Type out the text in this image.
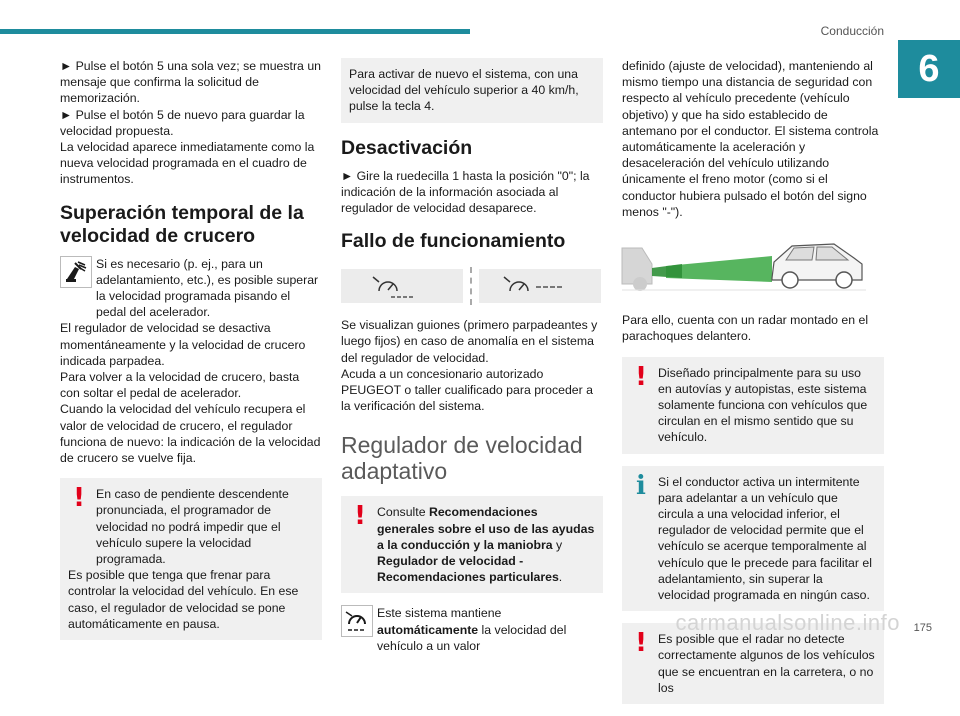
Conducción
6

► Pulse el botón 5 una sola vez; se muestra un mensaje que confirma la solicitud de memorización.

► Pulse el botón 5 de nuevo para guardar la velocidad propuesta.

La velocidad aparece inmediatamente como la nueva velocidad programada en el cuadro de instrumentos.

Superación temporal de la velocidad de crucero

Si es necesario (p. ej., para un adelantamiento, etc.), es posible superar la velocidad programada pisando el pedal del acelerador.

El regulador de velocidad se desactiva momentáneamente y la velocidad de crucero indicada parpadea.

Para volver a la velocidad de crucero, basta con soltar el pedal de acelerador.

Cuando la velocidad del vehículo recupera el valor de velocidad de crucero, el regulador funciona de nuevo: la indicación de la velocidad de crucero se vuelve fija.

! En caso de pendiente descendente pronunciada, el programador de velocidad no podrá impedir que el vehículo supere la velocidad programada.

Es posible que tenga que frenar para controlar la velocidad del vehículo. En ese caso, el regulador de velocidad se pone automáticamente en pausa.

Para activar de nuevo el sistema, con una velocidad del vehículo superior a 40 km/h, pulse la tecla 4.

Desactivación

► Gire la ruedecilla 1 hasta la posición "0"; la indicación de la información asociada al regulador de velocidad desaparece.

Fallo de funcionamiento

Se visualizan guiones (primero parpadeantes y luego fijos) en caso de anomalía en el sistema del regulador de velocidad.

Acuda a un concesionario autorizado PEUGEOT o taller cualificado para proceder a la verificación del sistema.

Regulador de velocidad adaptativo
! Consulte Recomendaciones generales sobre el uso de las ayudas a la conducción y la maniobra y Regulador de velocidad - Recomendaciones particulares.

Este sistema mantiene automáticamente la velocidad del vehículo a un valor

definido (ajuste de velocidad), manteniendo al mismo tiempo una distancia de seguridad con respecto al vehículo precedente (vehículo objetivo) y que ha sido establecido de antemano por el conductor. El sistema controla automáticamente la aceleración y desaceleración del vehículo utilizando únicamente el freno motor (como si el conductor hubiera pulsado el botón del signo menos "-").

Para ello, cuenta con un radar montado en el parachoques delantero.

! Diseñado principalmente para su uso en autovías y autopistas, este sistema solamente funciona con vehículos que circulan en el mismo sentido que su vehículo.

i Si el conductor activa un intermitente para adelantar a un vehículo que circula a una velocidad inferior, el regulador de velocidad permite que el vehículo se acerque temporalmente al vehículo que le precede para facilitar el adelantamiento, sin superar la velocidad programada en ningún caso.

! Es posible que el radar no detecte correctamente algunos de los vehículos que se encuentran en la carretera, o no los

carmanualsonline.info 175
